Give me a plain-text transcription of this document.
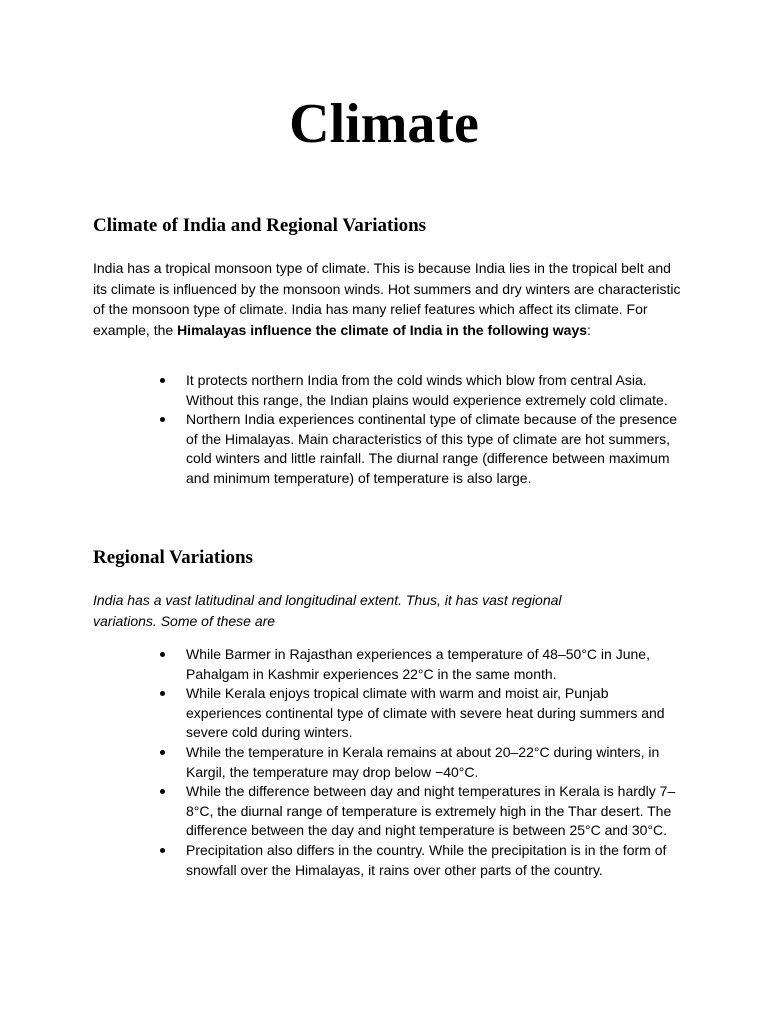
Climate
Climate of India and Regional Variations

India has a tropical monsoon type of climate. This is because India lies in the tropical belt and its climate is influenced by the monsoon winds. Hot summers and dry winters are characteristic of the monsoon type of climate. India has many relief features which affect its climate. For example, the Himalayas influence the climate of India in the following ways:

It protects northern India from the cold winds which blow from central Asia. Without this range, the Indian plains would experience extremely cold climate.
Northern India experiences continental type of climate because of the presence of the Himalayas. Main characteristics of this type of climate are hot summers, cold winters and little rainfall. The diurnal range (difference between maximum and minimum temperature) of temperature is also large.
Regional Variations

India has a vast latitudinal and longitudinal extent. Thus, it has vast regional variations. Some of these are

While Barmer in Rajasthan experiences a temperature of 48–50°C in June, Pahalgam in Kashmir experiences 22°C in the same month.
While Kerala enjoys tropical climate with warm and moist air, Punjab experiences continental type of climate with severe heat during summers and severe cold during winters.
While the temperature in Kerala remains at about 20–22°C during winters, in Kargil, the temperature may drop below −40°C.
While the difference between day and night temperatures in Kerala is hardly 7–8°C, the diurnal range of temperature is extremely high in the Thar desert. The difference between the day and night temperature is between 25°C and 30°C.
Precipitation also differs in the country. While the precipitation is in the form of snowfall over the Himalayas, it rains over other parts of the country.
